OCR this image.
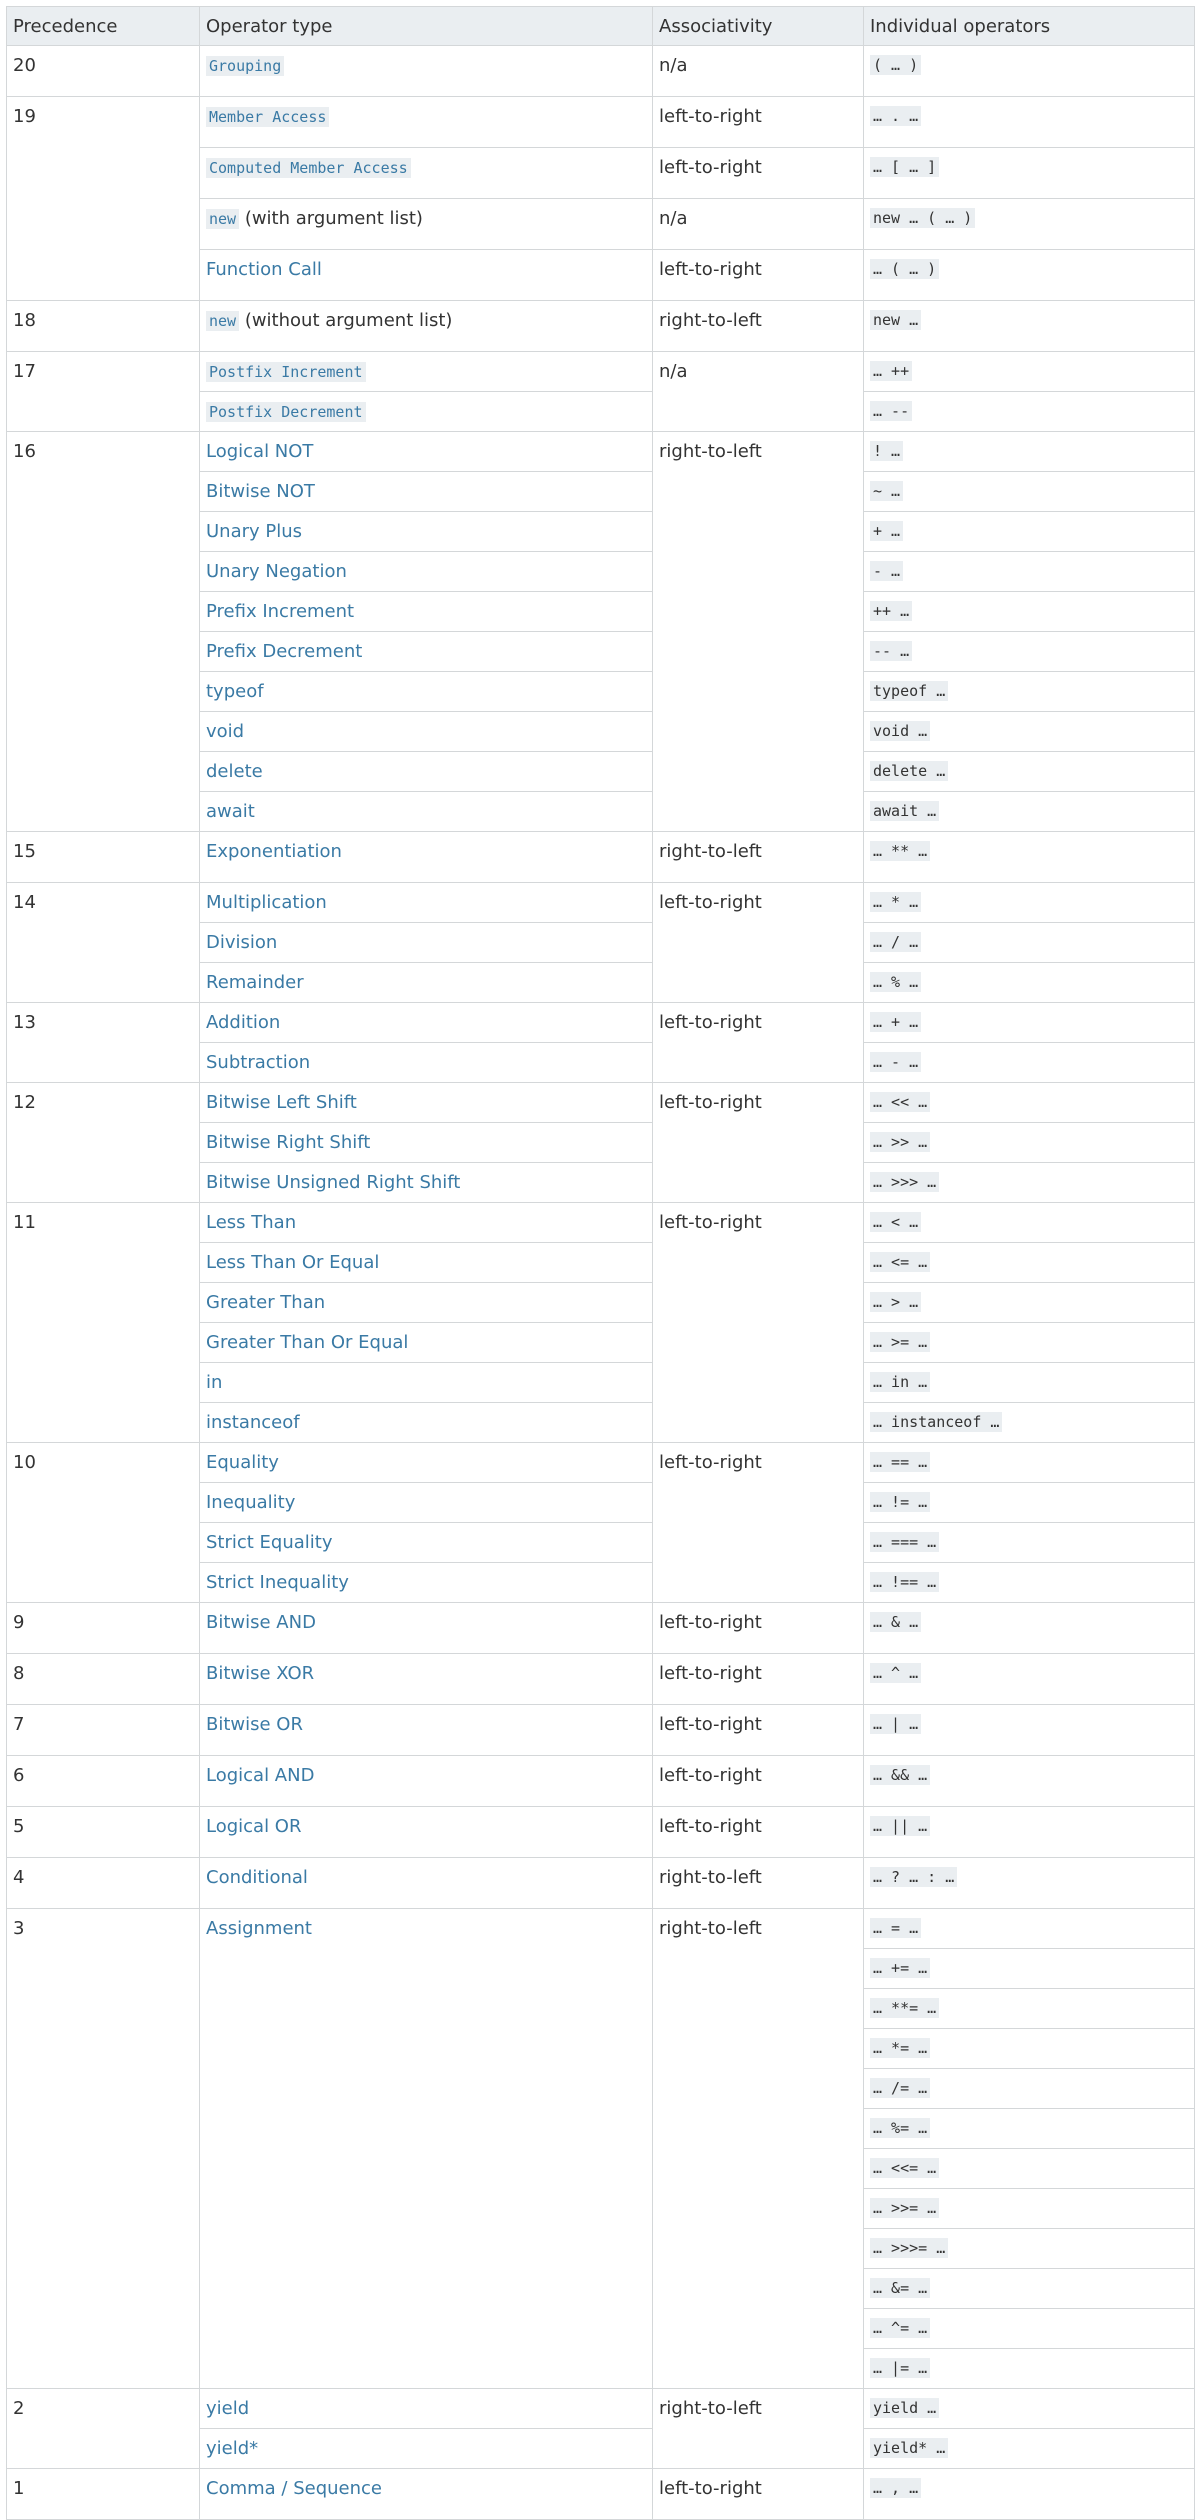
Precedence	Operator type	Associativity	Individual operators
20	Grouping	n/a	( … )
19	Member Access	left-to-right	… . …
	Computed Member Access	left-to-right	… [ … ]
	new (with argument list)	n/a	new … ( … )
	Function Call	left-to-right	… ( … )
18	new (without argument list)	right-to-left	new …
17	Postfix Increment	n/a	… ++
	Postfix Decrement		… --
16	Logical NOT	right-to-left	! …
	Bitwise NOT		~ …
	Unary Plus		+ …
	Unary Negation		- …
	Prefix Increment		++ …
	Prefix Decrement		-- …
	typeof		typeof …
	void		void …
	delete		delete …
	await		await …
15	Exponentiation	right-to-left	… ** …
14	Multiplication	left-to-right	… * …
	Division		… / …
	Remainder		… % …
13	Addition	left-to-right	… + …
	Subtraction		… - …
12	Bitwise Left Shift	left-to-right	… << …
	Bitwise Right Shift		… >> …
	Bitwise Unsigned Right Shift		… >>> …
11	Less Than	left-to-right	… < …
	Less Than Or Equal		… <= …
	Greater Than		… > …
	Greater Than Or Equal		… >= …
	in		… in …
	instanceof		… instanceof …
10	Equality	left-to-right	… == …
	Inequality		… != …
	Strict Equality		… === …
	Strict Inequality		… !== …
9	Bitwise AND	left-to-right	… & …
8	Bitwise XOR	left-to-right	… ^ …
7	Bitwise OR	left-to-right	… | …
6	Logical AND	left-to-right	… && …
5	Logical OR	left-to-right	… || …
4	Conditional	right-to-left	… ? … : …
3	Assignment	right-to-left	… = …
			… += …
			… **= …
			… *= …
			… /= …
			… %= …
			… <<= …
			… >>= …
			… >>>= …
			… &= …
			… ^= …
			… |= …
2	yield	right-to-left	yield …
	yield*		yield* …
1	Comma / Sequence	left-to-right	… , …
